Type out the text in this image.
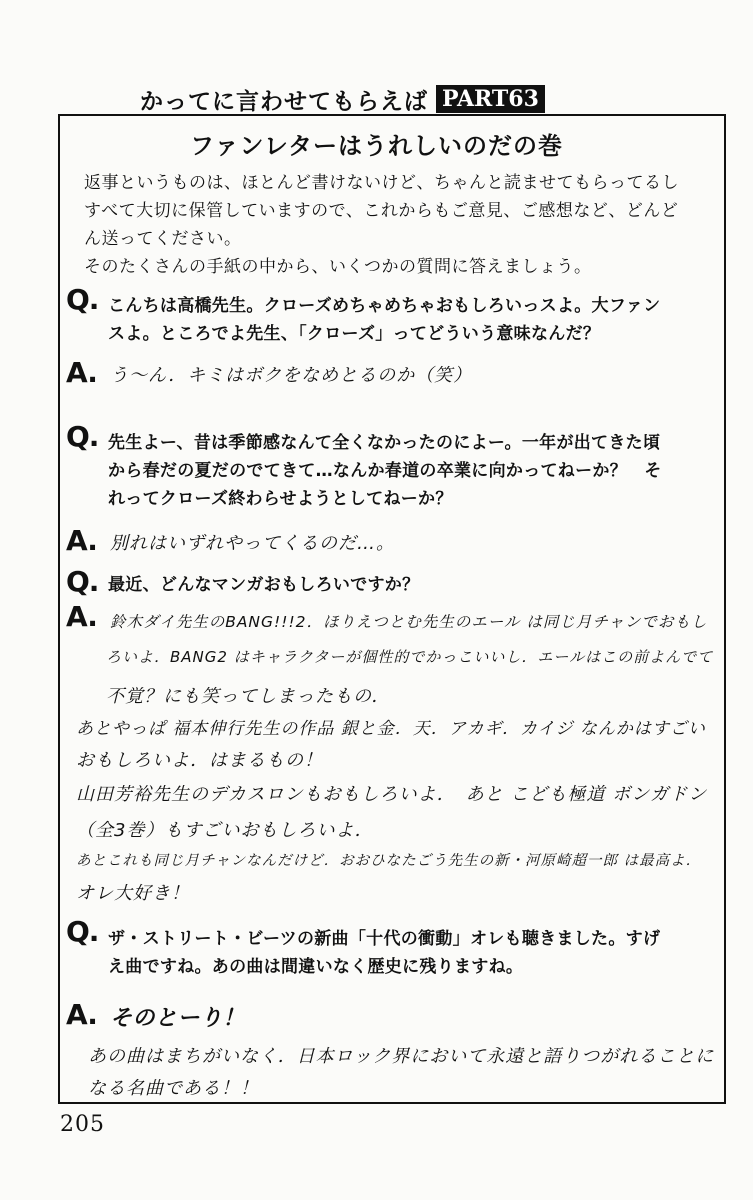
かってに言わせてもらえば PART63
ファンレターはうれしいのだの巻
返事というものは、ほとんど書けないけど、ちゃんと読ませてもらってるし
すべて大切に保管していますので、これからもご意見、ご感想など、どんど
ん送ってください。
そのたくさんの手紙の中から、いくつかの質問に答えましょう。
Q. こんちは高橋先生。クローズめちゃめちゃおもしろいっスよ。大ファン
スよ。ところでよ先生、「クローズ」ってどういう意味なんだ？
A. う～ん．キミはボクをなめとるのか（笑）
Q. 先生よー、昔は季節感なんて全くなかったのによー。一年が出てきた頃
から春だの夏だのでてきて…なんか春道の卒業に向かってねーか？　そ
れってクローズ終わらせようとしてねーか？
A. 別れはいずれやってくるのだ…。
Q. 最近、どんなマンガおもしろいですか？
A. 鈴木ダイ先生のBANG!!!2．ほりえつとむ先生のエール は同じ月チャンでおもし
ろいよ．BANG2 はキャラクターが個性的でかっこいいし．エールはこの前よんでて
不覚？にも笑ってしまったもの．
あとやっぱ 福本伸行先生の作品 銀と金．天．アカギ．カイジ なんかはすごい
おもしろいよ．はまるもの！
山田芳裕先生のデカスロンもおもしろいよ．　あと こども極道 ボンガドン
（全3巻）もすごいおもしろいよ．
あとこれも同じ月チャンなんだけど．おおひなたごう先生の新・河原崎超一郎 は最高よ．
オレ大好き！
Q. ザ・ストリート・ビーツの新曲「十代の衝動」オレも聴きました。すげ
え曲ですね。あの曲は間違いなく歴史に残りますね。
A. そのとーり！
あの曲はまちがいなく．日本ロック界において永遠と語りつがれることに
なる名曲である！！
205
